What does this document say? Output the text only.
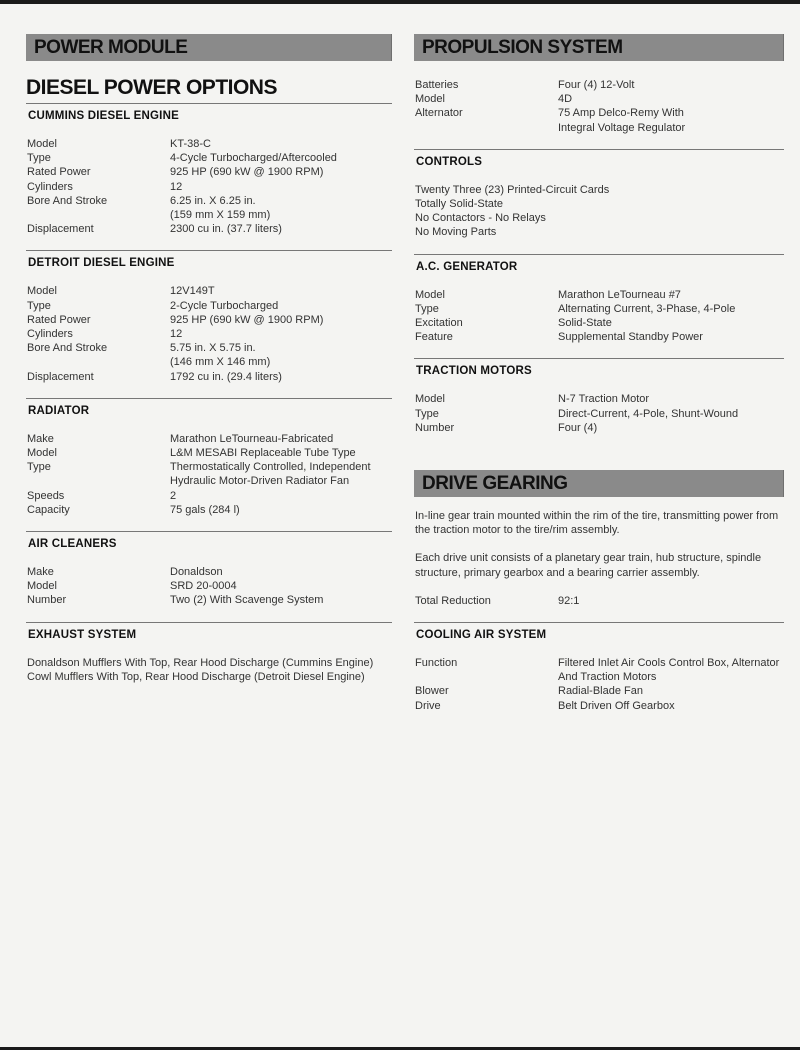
POWER MODULE
DIESEL POWER OPTIONS
CUMMINS DIESEL ENGINE
Model	KT-38-C
Type	4-Cycle Turbocharged/Aftercooled
Rated Power	925 HP (690 kW @ 1900 RPM)
Cylinders	12
Bore And Stroke	6.25 in. X 6.25 in.
(159 mm X 159 mm)
Displacement	2300 cu in. (37.7 liters)
DETROIT DIESEL ENGINE
Model	12V149T
Type	2-Cycle Turbocharged
Rated Power	925 HP (690 kW @ 1900 RPM)
Cylinders	12
Bore And Stroke	5.75 in. X 5.75 in.
(146 mm X 146 mm)
Displacement	1792 cu in. (29.4 liters)
RADIATOR
Make	Marathon LeTourneau-Fabricated
Model	L&M MESABI Replaceable Tube Type
Type	Thermostatically Controlled, Independent
Hydraulic Motor-Driven Radiator Fan
Speeds	2
Capacity	75 gals (284 l)
AIR CLEANERS
Make	Donaldson
Model	SRD 20-0004
Number	Two (2) With Scavenge System
EXHAUST SYSTEM
Donaldson Mufflers With Top, Rear Hood Discharge (Cummins Engine)
Cowl Mufflers With Top, Rear Hood Discharge (Detroit Diesel Engine)
PROPULSION SYSTEM
Batteries	Four (4) 12-Volt
Model	4D
Alternator	75 Amp Delco-Remy With
Integral Voltage Regulator
CONTROLS
Twenty Three (23) Printed-Circuit Cards
Totally Solid-State
No Contactors - No Relays
No Moving Parts
A.C. GENERATOR
Model	Marathon LeTourneau #7
Type	Alternating Current, 3-Phase, 4-Pole
Excitation	Solid-State
Feature	Supplemental Standby Power
TRACTION MOTORS
Model	N-7 Traction Motor
Type	Direct-Current, 4-Pole, Shunt-Wound
Number	Four (4)
DRIVE GEARING
In-line gear train mounted within the rim of the tire, transmitting power from the traction motor to the tire/rim assembly.
Each drive unit consists of a planetary gear train, hub structure, spindle structure, primary gearbox and a bearing carrier assembly.
Total Reduction	92:1
COOLING AIR SYSTEM
Function	Filtered Inlet Air Cools Control Box, Alternator
And Traction Motors
Blower	Radial-Blade Fan
Drive	Belt Driven Off Gearbox
